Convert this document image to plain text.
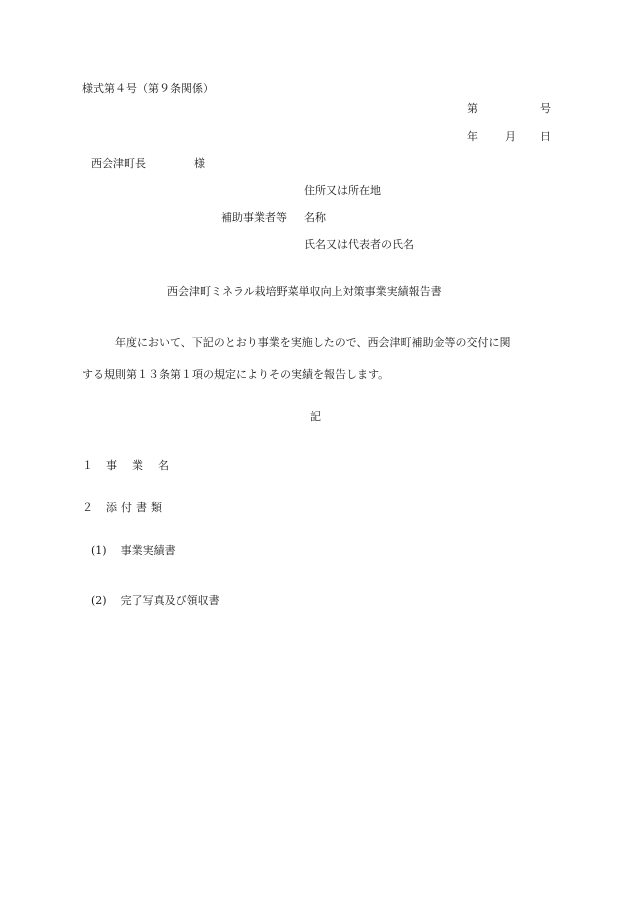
様式第４号（第９条関係）
第	号
年 月 日
西会津町長	様
住所又は所在地
補助事業者等 名称
氏名又は代表者の氏名
西会津町ミネラル栽培野菜単収向上対策事業実績報告書
年度において、下記のとおり事業を実施したので、西会津町補助金等の交付に関
する規則第１３条第１項の規定によりその実績を報告します。
記
１ 事業名
２ 添付書類
(1) 事業実績書
(2) 完了写真及び領収書
